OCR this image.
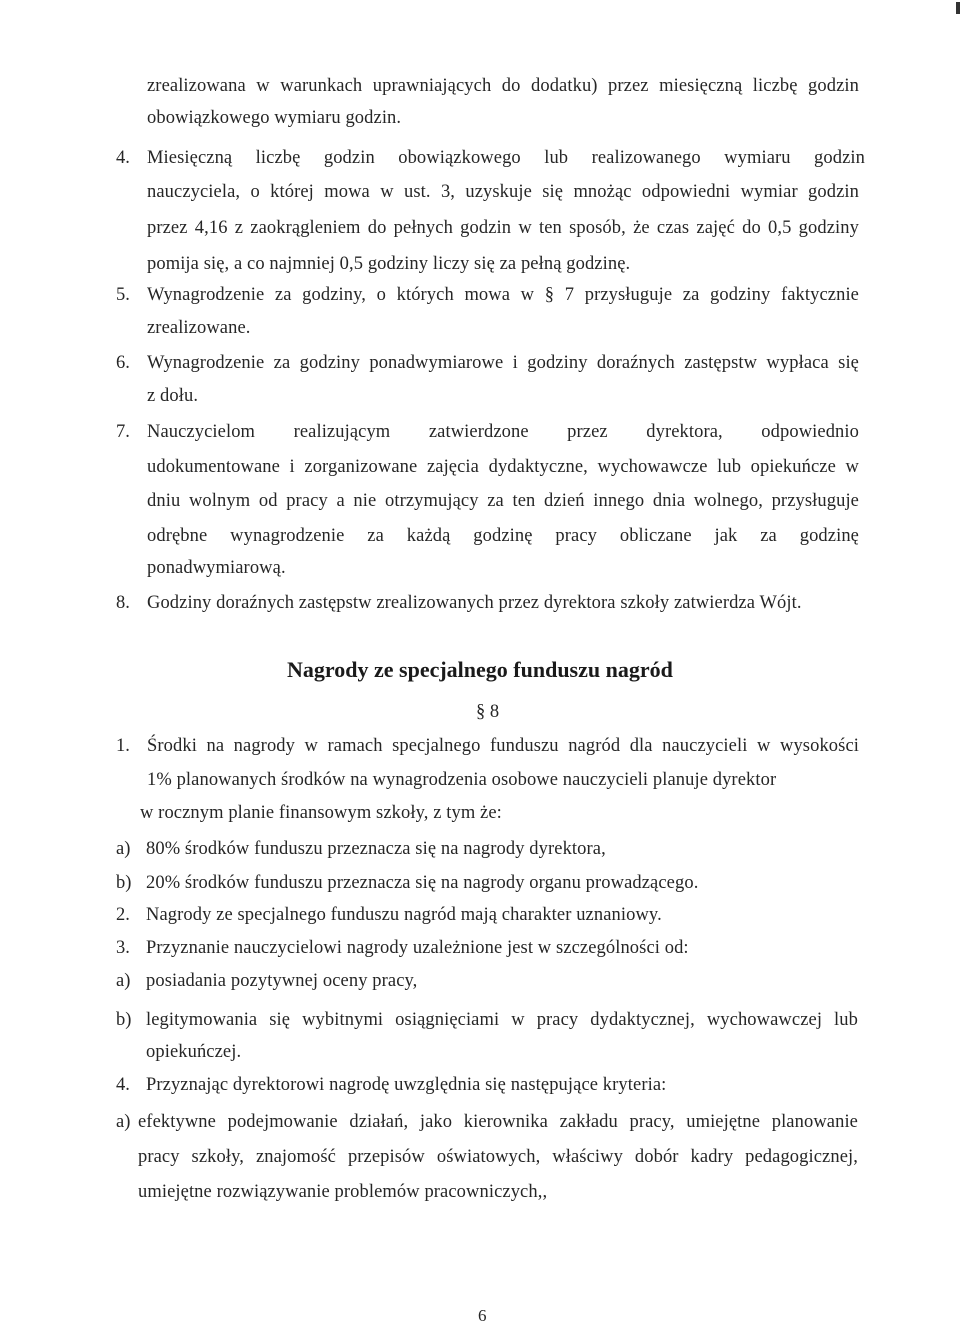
zrealizowana w warunkach uprawniających do dodatku) przez miesięczną liczbę godzin
obowiązkowego wymiaru godzin.
4. Miesięczną liczbę godzin obowiązkowego lub realizowanego wymiaru godzin
nauczyciela, o której mowa w ust. 3, uzyskuje się mnożąc odpowiedni wymiar godzin
przez 4,16 z zaokrągleniem do pełnych godzin w ten sposób, że czas zajęć do 0,5 godziny
pomija się, a co najmniej 0,5 godziny liczy się za pełną godzinę.
5. Wynagrodzenie za godziny, o których mowa w § 7 przysługuje za godziny faktycznie
zrealizowane.
6. Wynagrodzenie za godziny ponadwymiarowe i godziny doraźnych zastępstw wypłaca się
z dołu.
7. Nauczycielom realizującym zatwierdzone przez dyrektora, odpowiednio
udokumentowane i zorganizowane zajęcia dydaktyczne, wychowawcze lub opiekuńcze w
dniu wolnym od pracy a nie otrzymujący za ten dzień innego dnia wolnego, przysługuje
odrębne wynagrodzenie za każdą godzinę pracy obliczane jak za godzinę
ponadwymiarową.
8. Godziny doraźnych zastępstw zrealizowanych przez dyrektora szkoły zatwierdza Wójt.
Nagrody ze specjalnego funduszu nagród
§ 8
1. Środki na nagrody w ramach specjalnego funduszu nagród dla nauczycieli w wysokości
1% planowanych środków na wynagrodzenia osobowe nauczycieli planuje dyrektor
w rocznym planie finansowym szkoły, z tym że:
a) 80% środków funduszu przeznacza się na nagrody dyrektora,
b) 20% środków funduszu przeznacza się na nagrody organu prowadzącego.
2. Nagrody ze specjalnego funduszu nagród mają charakter uznaniowy.
3. Przyznanie nauczycielowi nagrody uzależnione jest w szczególności od:
a) posiadania pozytywnej oceny pracy,
b) legitymowania się wybitnymi osiągnięciami w pracy dydaktycznej, wychowawczej lub
opiekuńczej.
4. Przyznając dyrektorowi nagrodę uwzględnia się następujące kryteria:
a) efektywne podejmowanie działań, jako kierownika zakładu pracy, umiejętne planowanie
pracy szkoły, znajomość przepisów oświatowych, właściwy dobór kadry pedagogicznej,
umiejętne rozwiązywanie problemów pracowniczych,,
6
